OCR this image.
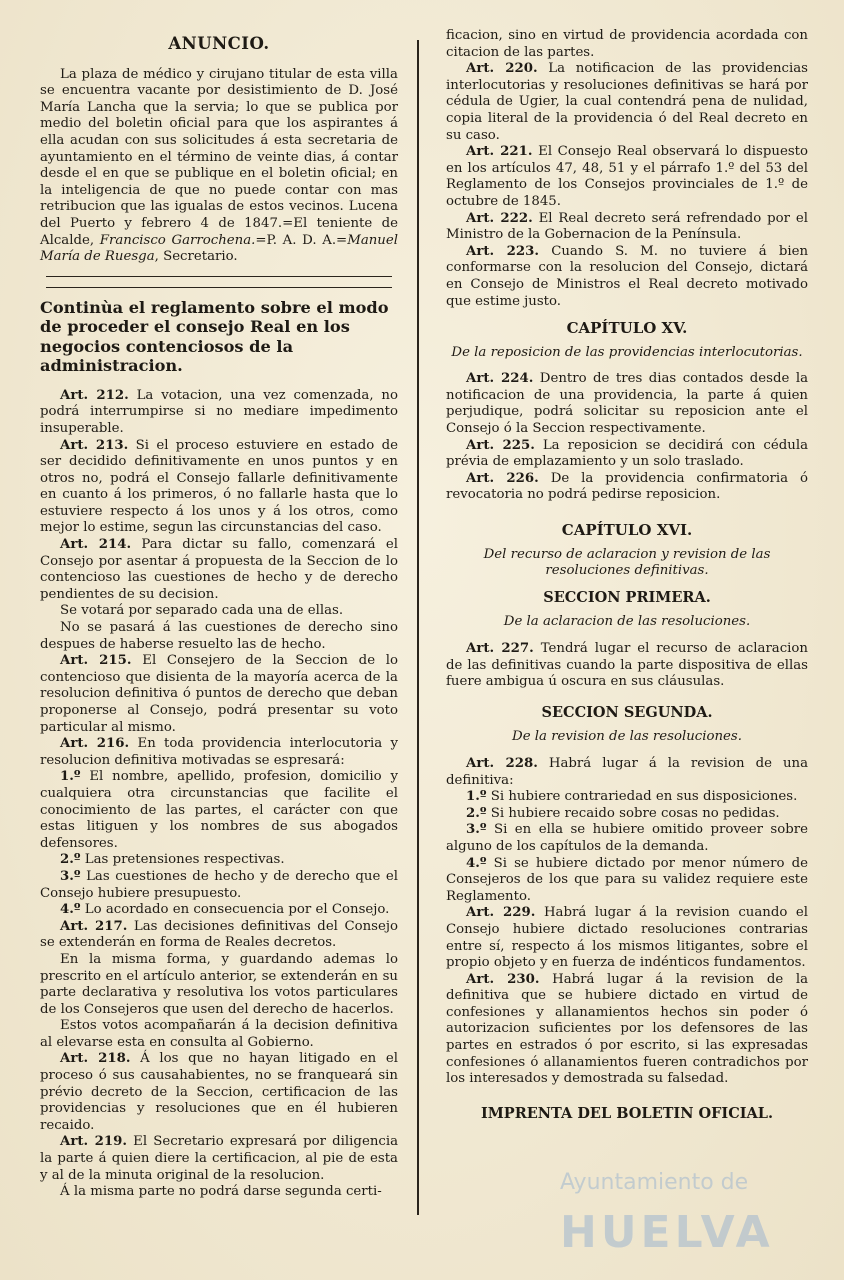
ANUNCIO.

La plaza de médico y cirujano titular de esta villa se encuentra vacante por desistimiento de D. José María Lancha que la servia; lo que se publica por medio del boletin oficial para que los aspirantes á ella acudan con sus solicitudes á esta secretaria de ayuntamiento en el término de veinte dias, á contar desde el en que se publique en el boletin oficial; en la inteligencia de que no puede contar con mas retribucion que las igualas de estos vecinos. Lucena del Puerto y febrero 4 de 1847.=El teniente de Alcalde, Francisco Garrochena.=P. A. D. A.=Manuel María de Ruesga, Secretario.

Continùa el reglamento sobre el modo de proceder el consejo Real en los negocios contenciosos de la administracion.

Art. 212. La votacion, una vez comenzada, no podrá interrumpirse si no mediare impedimento insuperable.

Art. 213. Si el proceso estuviere en estado de ser decidido definitivamente en unos puntos y en otros no, podrá el Consejo fallarle definitivamente en cuanto á los primeros, ó no fallarle hasta que lo estuviere respecto á los unos y á los otros, como mejor lo estime, segun las circunstancias del caso.

Art. 214. Para dictar su fallo, comenzará el Consejo por asentar á propuesta de la Seccion de lo contencioso las cuestiones de hecho y de derecho pendientes de su decision.

Se votará por separado cada una de ellas.

No se pasará á las cuestiones de derecho sino despues de haberse resuelto las de hecho.

Art. 215. El Consejero de la Seccion de lo contencioso que disienta de la mayoría acerca de la resolucion definitiva ó puntos de derecho que deban proponerse al Consejo, podrá presentar su voto particular al mismo.

Art. 216. En toda providencia interlocutoria y resolucion definitiva motivadas se espresará:

1.º El nombre, apellido, profesion, domicilio y cualquiera otra circunstancias que facilite el conocimiento de las partes, el carácter con que estas litiguen y los nombres de sus abogados defensores.

2.º Las pretensiones respectivas.

3.º Las cuestiones de hecho y de derecho que el Consejo hubiere presupuesto.

4.º Lo acordado en consecuencia por el Consejo.

Art. 217. Las decisiones definitivas del Consejo se extenderán en forma de Reales decretos.

En la misma forma, y guardando ademas lo prescrito en el artículo anterior, se extenderán en su parte declarativa y resolutiva los votos particulares de los Consejeros que usen del derecho de hacerlos.

Estos votos acompañarán á la decision definitiva al elevarse esta en consulta al Gobierno.

Art. 218. Á los que no hayan litigado en el proceso ó sus causahabientes, no se franqueará sin prévio decreto de la Seccion, certificacion de las providencias y resoluciones que en él hubieren recaido.

Art. 219. El Secretario expresará por diligencia la parte á quien diere la certificacion, al pie de esta y al de la minuta original de la resolucion.

Á la misma parte no podrá darse segunda certi-

ficacion, sino en virtud de providencia acordada con citacion de las partes.

Art. 220. La notificacion de las providencias interlocutorias y resoluciones definitivas se hará por cédula de Ugier, la cual contendrá pena de nulidad, copia literal de la providencia ó del Real decreto en su caso.

Art. 221. El Consejo Real observará lo dispuesto en los artículos 47, 48, 51 y el párrafo 1.º del 53 del Reglamento de los Consejos provinciales de 1.º de octubre de 1845.

Art. 222. El Real decreto será refrendado por el Ministro de la Gobernacion de la Península.

Art. 223. Cuando S. M. no tuviere á bien conformarse con la resolucion del Consejo, dictará en Consejo de Ministros el Real decreto motivado que estime justo.

CAPÍTULO XV.
De la reposicion de las providencias interlocutorias.

Art. 224. Dentro de tres dias contados desde la notificacion de una providencia, la parte á quien perjudique, podrá solicitar su reposicion ante el Consejo ó la Seccion respectivamente.

Art. 225. La reposicion se decidirá con cédula prévia de emplazamiento y un solo traslado.

Art. 226. De la providencia confirmatoria ó revocatoria no podrá pedirse reposicion.

CAPÍTULO XVI.
Del recurso de aclaracion y revision de las resoluciones definitivas.
SECCION PRIMERA.
De la aclaracion de las resoluciones.

Art. 227. Tendrá lugar el recurso de aclaracion de las definitivas cuando la parte dispositiva de ellas fuere ambigua ú oscura en sus cláusulas.

SECCION SEGUNDA.
De la revision de las resoluciones.

Art. 228. Habrá lugar á la revision de una definitiva:

1.º Si hubiere contrariedad en sus disposiciones.

2.º Si hubiere recaido sobre cosas no pedidas.

3.º Si en ella se hubiere omitido proveer sobre alguno de los capítulos de la demanda.

4.º Si se hubiere dictado por menor número de Consejeros de los que para su validez requiere este Reglamento.

Art. 229. Habrá lugar á la revision cuando el Consejo hubiere dictado resoluciones contrarias entre sí, respecto á los mismos litigantes, sobre el propio objeto y en fuerza de indénticos fundamentos.

Art. 230. Habrá lugar á la revision de la definitiva que se hubiere dictado en virtud de confesiones y allanamientos hechos sin poder ó autorizacion suficientes por los defensores de las partes en estrados ó por escrito, si las expresadas confesiones ó allanamientos fueren contradichos por los interesados y demostrada su falsedad.

IMPRENTA DEL BOLETIN OFICIAL.
Ayuntamiento de
HUELVA
